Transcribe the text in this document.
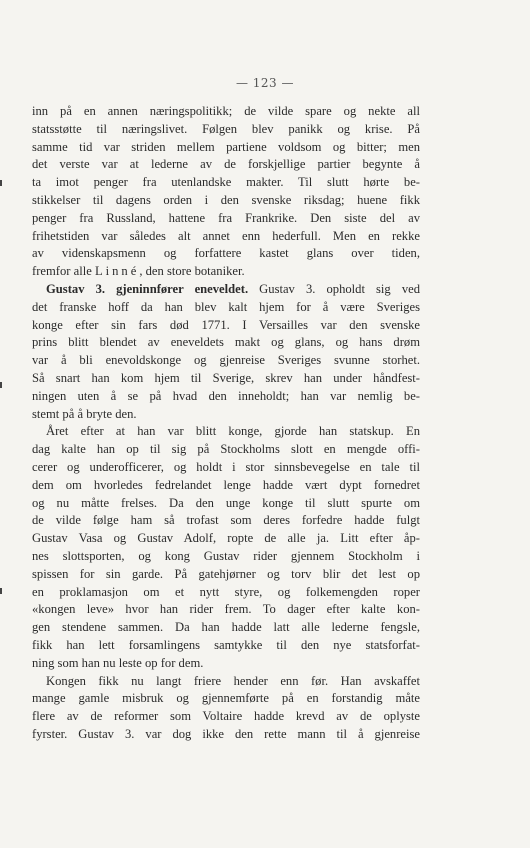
— 123 —
inn på en annen næringspolitikk; de vilde spare og nekte all
statsstøtte til næringslivet. Følgen blev panikk og krise. På
samme tid var striden mellem partiene voldsom og bitter; men
det verste var at lederne av de forskjellige partier begynte å
ta imot penger fra utenlandske makter. Til slutt hørte be-
stikkelser til dagens orden i den svenske riksdag; huene fikk
penger fra Russland, hattene fra Frankrike. Den siste del av
frihetstiden var således alt annet enn hederfull. Men en rekke
av videnskapsmenn og forfattere kastet glans over tiden,
fremfor alle Linné, den store botaniker.
Gustav 3. gjeninnfører eneveldet. Gustav 3. opholdt sig ved
det franske hoff da han blev kalt hjem for å være Sveriges
konge efter sin fars død 1771. I Versailles var den svenske
prins blitt blendet av eneveldets makt og glans, og hans drøm
var å bli enevoldskonge og gjenreise Sveriges svunne storhet.
Så snart han kom hjem til Sverige, skrev han under håndfest-
ningen uten å se på hvad den inneholdt; han var nemlig be-
stemt på å bryte den.
Året efter at han var blitt konge, gjorde han statskup. En
dag kalte han op til sig på Stockholms slott en mengde offi-
cerer og underofficerer, og holdt i stor sinnsbevegelse en tale til
dem om hvorledes fedrelandet lenge hadde vært dypt fornedret
og nu måtte frelses. Da den unge konge til slutt spurte om
de vilde følge ham så trofast som deres forfedre hadde fulgt
Gustav Vasa og Gustav Adolf, ropte de alle ja. Litt efter åp-
nes slottsporten, og kong Gustav rider gjennem Stockholm i
spissen for sin garde. På gatehjørner og torv blir det lest op
en proklamasjon om et nytt styre, og folkemengden roper
«kongen leve» hvor han rider frem. To dager efter kalte kon-
gen stendene sammen. Da han hadde latt alle lederne fengsle,
fikk han lett forsamlingens samtykke til den nye statsforfat-
ning som han nu leste op for dem.
Kongen fikk nu langt friere hender enn før. Han avskaffet
mange gamle misbruk og gjennemførte på en forstandig måte
flere av de reformer som Voltaire hadde krevd av de oplyste
fyrster. Gustav 3. var dog ikke den rette mann til å gjenreise
